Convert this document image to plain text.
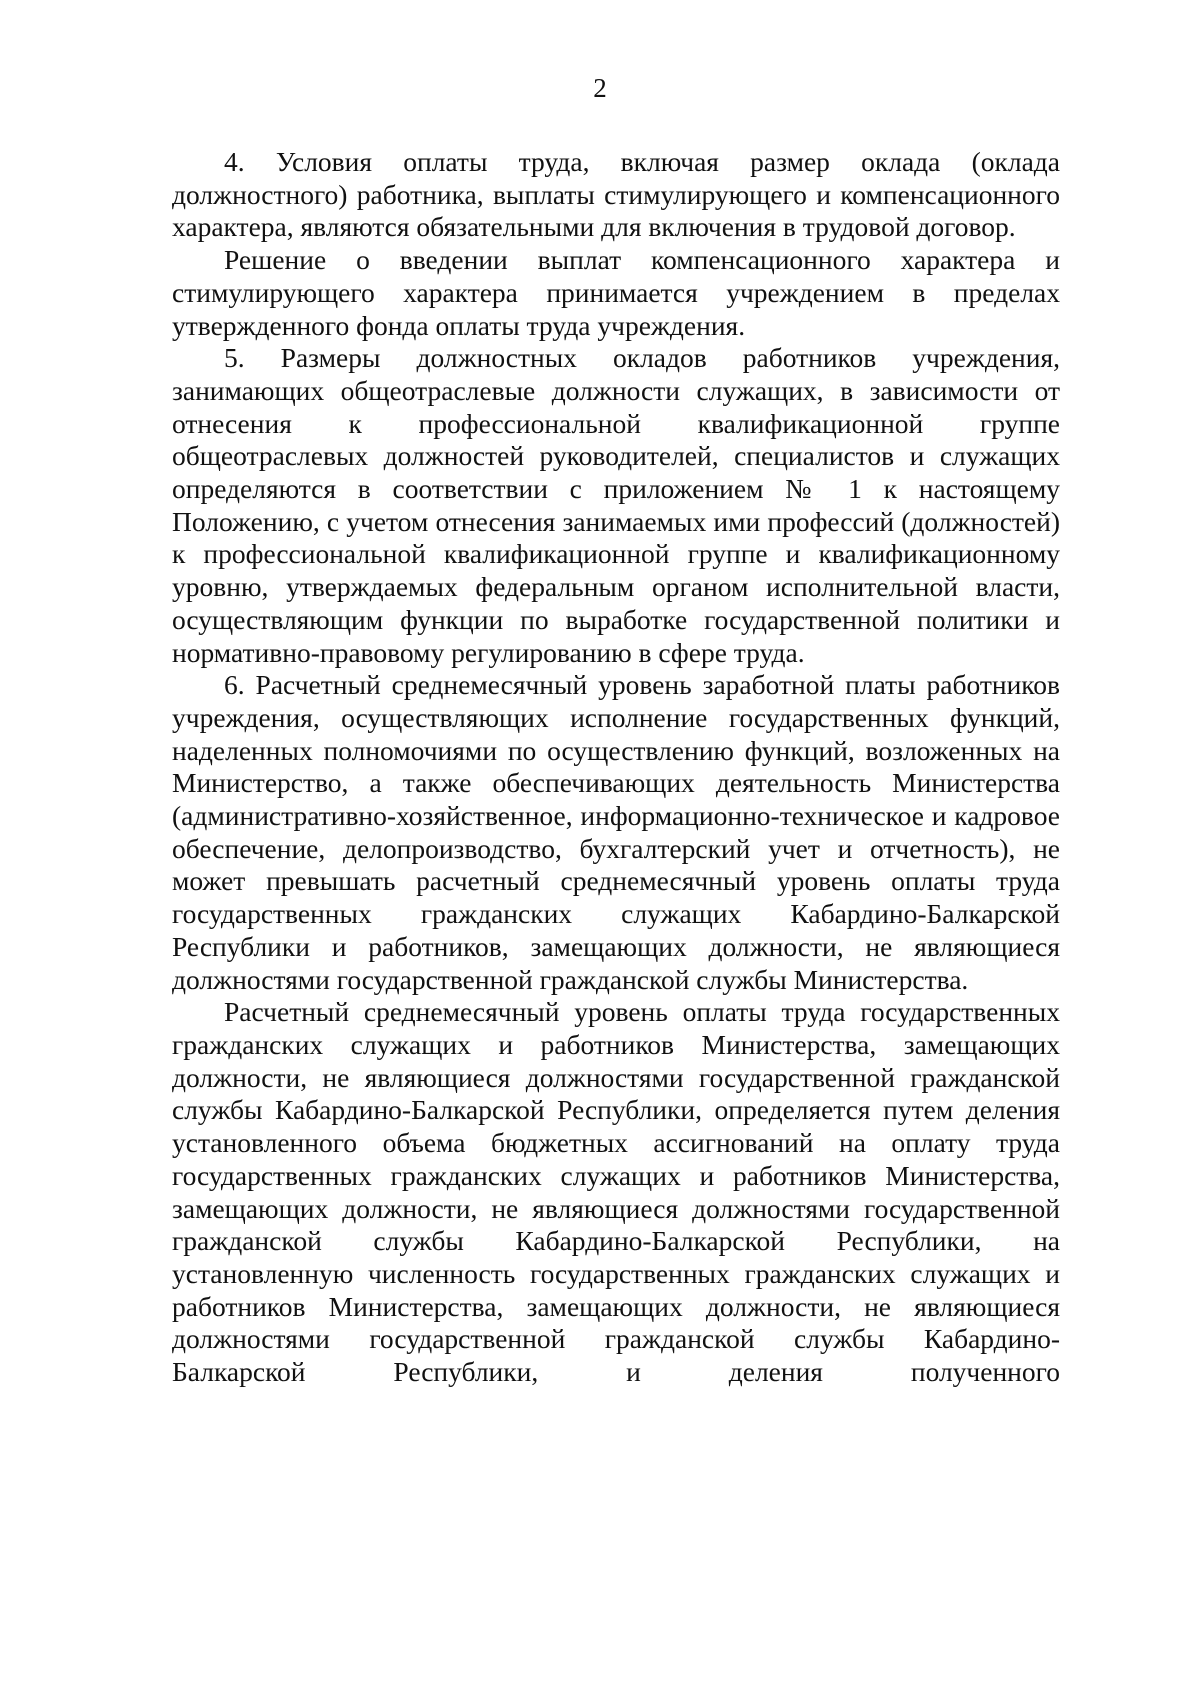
2

4. Условия оплаты труда, включая размер оклада (оклада должностного) работника, выплаты стимулирующего и компенсационного характера, являются обязательными для включения в трудовой договор.

Решение о введении выплат компенсационного характера и стимулирующего характера принимается учреждением в пределах утвержденного фонда оплаты труда учреждения.

5. Размеры должностных окладов работников учреждения, занимающих общеотраслевые должности служащих, в зависимости от отнесения к профессиональной квалификационной группе общеотраслевых должностей руководителей, специалистов и служащих определяются в соответствии с приложением № 1 к настоящему Положению, с учетом отнесения занимаемых ими профессий (должностей) к профессиональной квалификационной группе и квалификационному уровню, утверждаемых федеральным органом исполнительной власти, осуществляющим функции по выработке государственной политики и нормативно-правовому регулированию в сфере труда.

6. Расчетный среднемесячный уровень заработной платы работников учреждения, осуществляющих исполнение государственных функций, наделенных полномочиями по осуществлению функций, возложенных на Министерство, а также обеспечивающих деятельность Министерства (административно-хозяйственное, информационно-техническое и кадровое обеспечение, делопроизводство, бухгалтерский учет и отчетность), не может превышать расчетный среднемесячный уровень оплаты труда государственных гражданских служащих Кабардино-Балкарской Республики и работников, замещающих должности, не являющиеся должностями государственной гражданской службы Министерства.

Расчетный среднемесячный уровень оплаты труда государственных гражданских служащих и работников Министерства, замещающих должности, не являющиеся должностями государственной гражданской службы Кабардино-Балкарской Республики, определяется путем деления установленного объема бюджетных ассигнований на оплату труда государственных гражданских служащих и работников Министерства, замещающих должности, не являющиеся должностями государственной гражданской службы Кабардино-Балкарской Республики, на установленную численность государственных гражданских служащих и работников Министерства, замещающих должности, не являющиеся должностями государственной гражданской службы Кабардино-Балкарской Республики, и деления полученного
